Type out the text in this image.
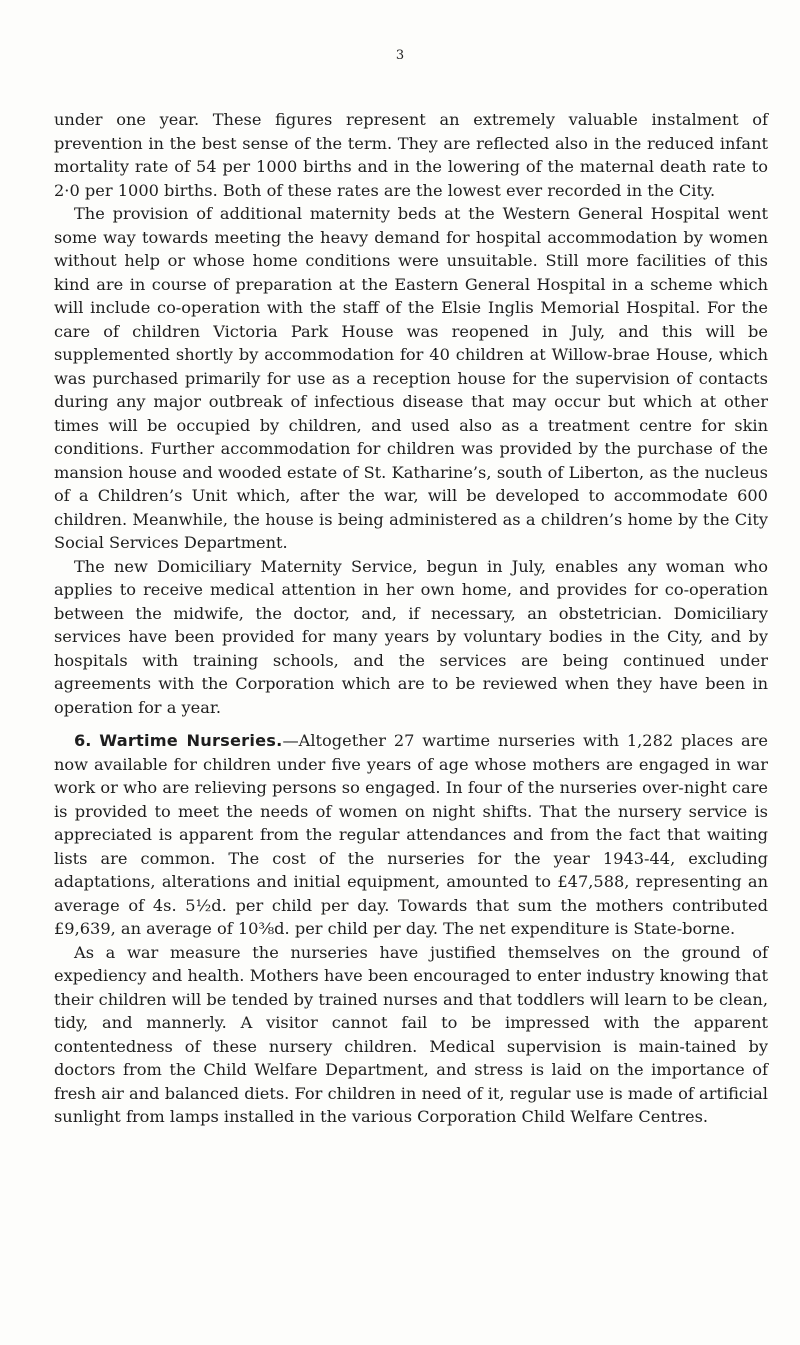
3

under one year. These figures represent an extremely valuable instalment of prevention in the best sense of the term. They are reflected also in the reduced infant mortality rate of 54 per 1000 births and in the lowering of the maternal death rate to 2·0 per 1000 births. Both of these rates are the lowest ever recorded in the City.

The provision of additional maternity beds at the Western General Hospital went some way towards meeting the heavy demand for hospital accommodation by women without help or whose home conditions were unsuitable. Still more facilities of this kind are in course of preparation at the Eastern General Hospital in a scheme which will include co-operation with the staff of the Elsie Inglis Memorial Hospital. For the care of children Victoria Park House was reopened in July, and this will be supplemented shortly by accommodation for 40 children at Willow-brae House, which was purchased primarily for use as a reception house for the supervision of contacts during any major outbreak of infectious disease that may occur but which at other times will be occupied by children, and used also as a treatment centre for skin conditions. Further accommodation for children was provided by the purchase of the mansion house and wooded estate of St. Katharine’s, south of Liberton, as the nucleus of a Children’s Unit which, after the war, will be developed to accommodate 600 children. Meanwhile, the house is being administered as a children’s home by the City Social Services Department.

The new Domiciliary Maternity Service, begun in July, enables any woman who applies to receive medical attention in her own home, and provides for co-operation between the midwife, the doctor, and, if necessary, an obstetrician. Domiciliary services have been provided for many years by voluntary bodies in the City, and by hospitals with training schools, and the services are being continued under agreements with the Corporation which are to be reviewed when they have been in operation for a year.

6. Wartime Nurseries.—Altogether 27 wartime nurseries with 1,282 places are now available for children under five years of age whose mothers are engaged in war work or who are relieving persons so engaged. In four of the nurseries over-night care is provided to meet the needs of women on night shifts. That the nursery service is appreciated is apparent from the regular attendances and from the fact that waiting lists are common. The cost of the nurseries for the year 1943-44, excluding adaptations, alterations and initial equipment, amounted to £47,588, representing an average of 4s. 5½d. per child per day. Towards that sum the mothers contributed £9,639, an average of 10⅜d. per child per day. The net expenditure is State-borne.

As a war measure the nurseries have justified themselves on the ground of expediency and health. Mothers have been encouraged to enter industry knowing that their children will be tended by trained nurses and that toddlers will learn to be clean, tidy, and mannerly. A visitor cannot fail to be impressed with the apparent contentedness of these nursery children. Medical supervision is main-tained by doctors from the Child Welfare Department, and stress is laid on the importance of fresh air and balanced diets. For children in need of it, regular use is made of artificial sunlight from lamps installed in the various Corporation Child Welfare Centres.
